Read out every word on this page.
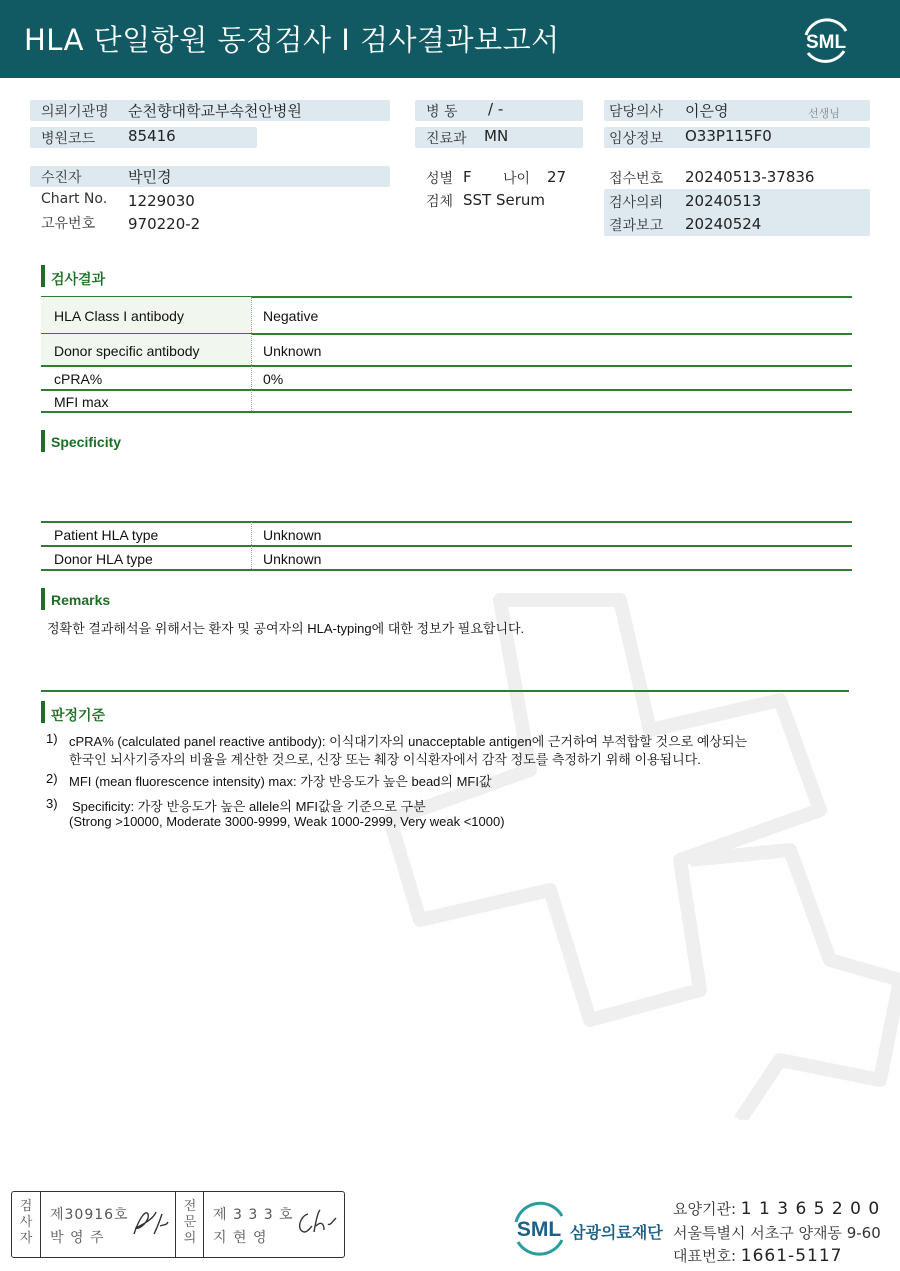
HLA 단일항원 동정검사 I 검사결과보고서	SML
의뢰기관명 순천향대학교부속천안병원
병원코드 85416
병 동 / -
진료과 MN
담당의사 이은영	선생님
임상정보 O33P115F0
수진자	박민경
Chart No. 1229030
고유번호 970220-2
성별 F 나이 27
검체 SST Serum
접수번호 20240513-37836
검사의뢰 20240513
결과보고 20240524
검사결과
HLA Class I antibody	Negative
Donor specific antibody	Unknown
cPRA%	0%
MFI max
Specificity
Patient HLA type	Unknown
Donor HLA type	Unknown
Remarks
정확한 결과해석을 위해서는 환자 및 공여자의 HLA-typing에 대한 정보가 필요합니다.
판정기준
1) cPRA% (calculated panel reactive antibody): 이식대기자의 unacceptable antigen에 근거하여 부적합할 것으로 예상되는
한국인 뇌사기증자의 비율을 계산한 것으로, 신장 또는 췌장 이식환자에서 감작 정도를 측정하기 위해 이용됩니다.
2) MFI (mean fluorescence intensity) max: 가장 반응도가 높은 bead의 MFI값
3) Specificity: 가장 반응도가 높은 allele의 MFI값을 기준으로 구분
(Strong >10000, Moderate 3000-9999, Weak 1000-2999, Very weak <1000)
검사자
제30916호
박 영 주
전문의
제 3 3 3 호
지 현 영	SML 삼광의료재단
요양기관: 1 1 3 6 5 2 0 0
서울특별시 서초구 양재동 9-60
대표번호: 1661-5117
